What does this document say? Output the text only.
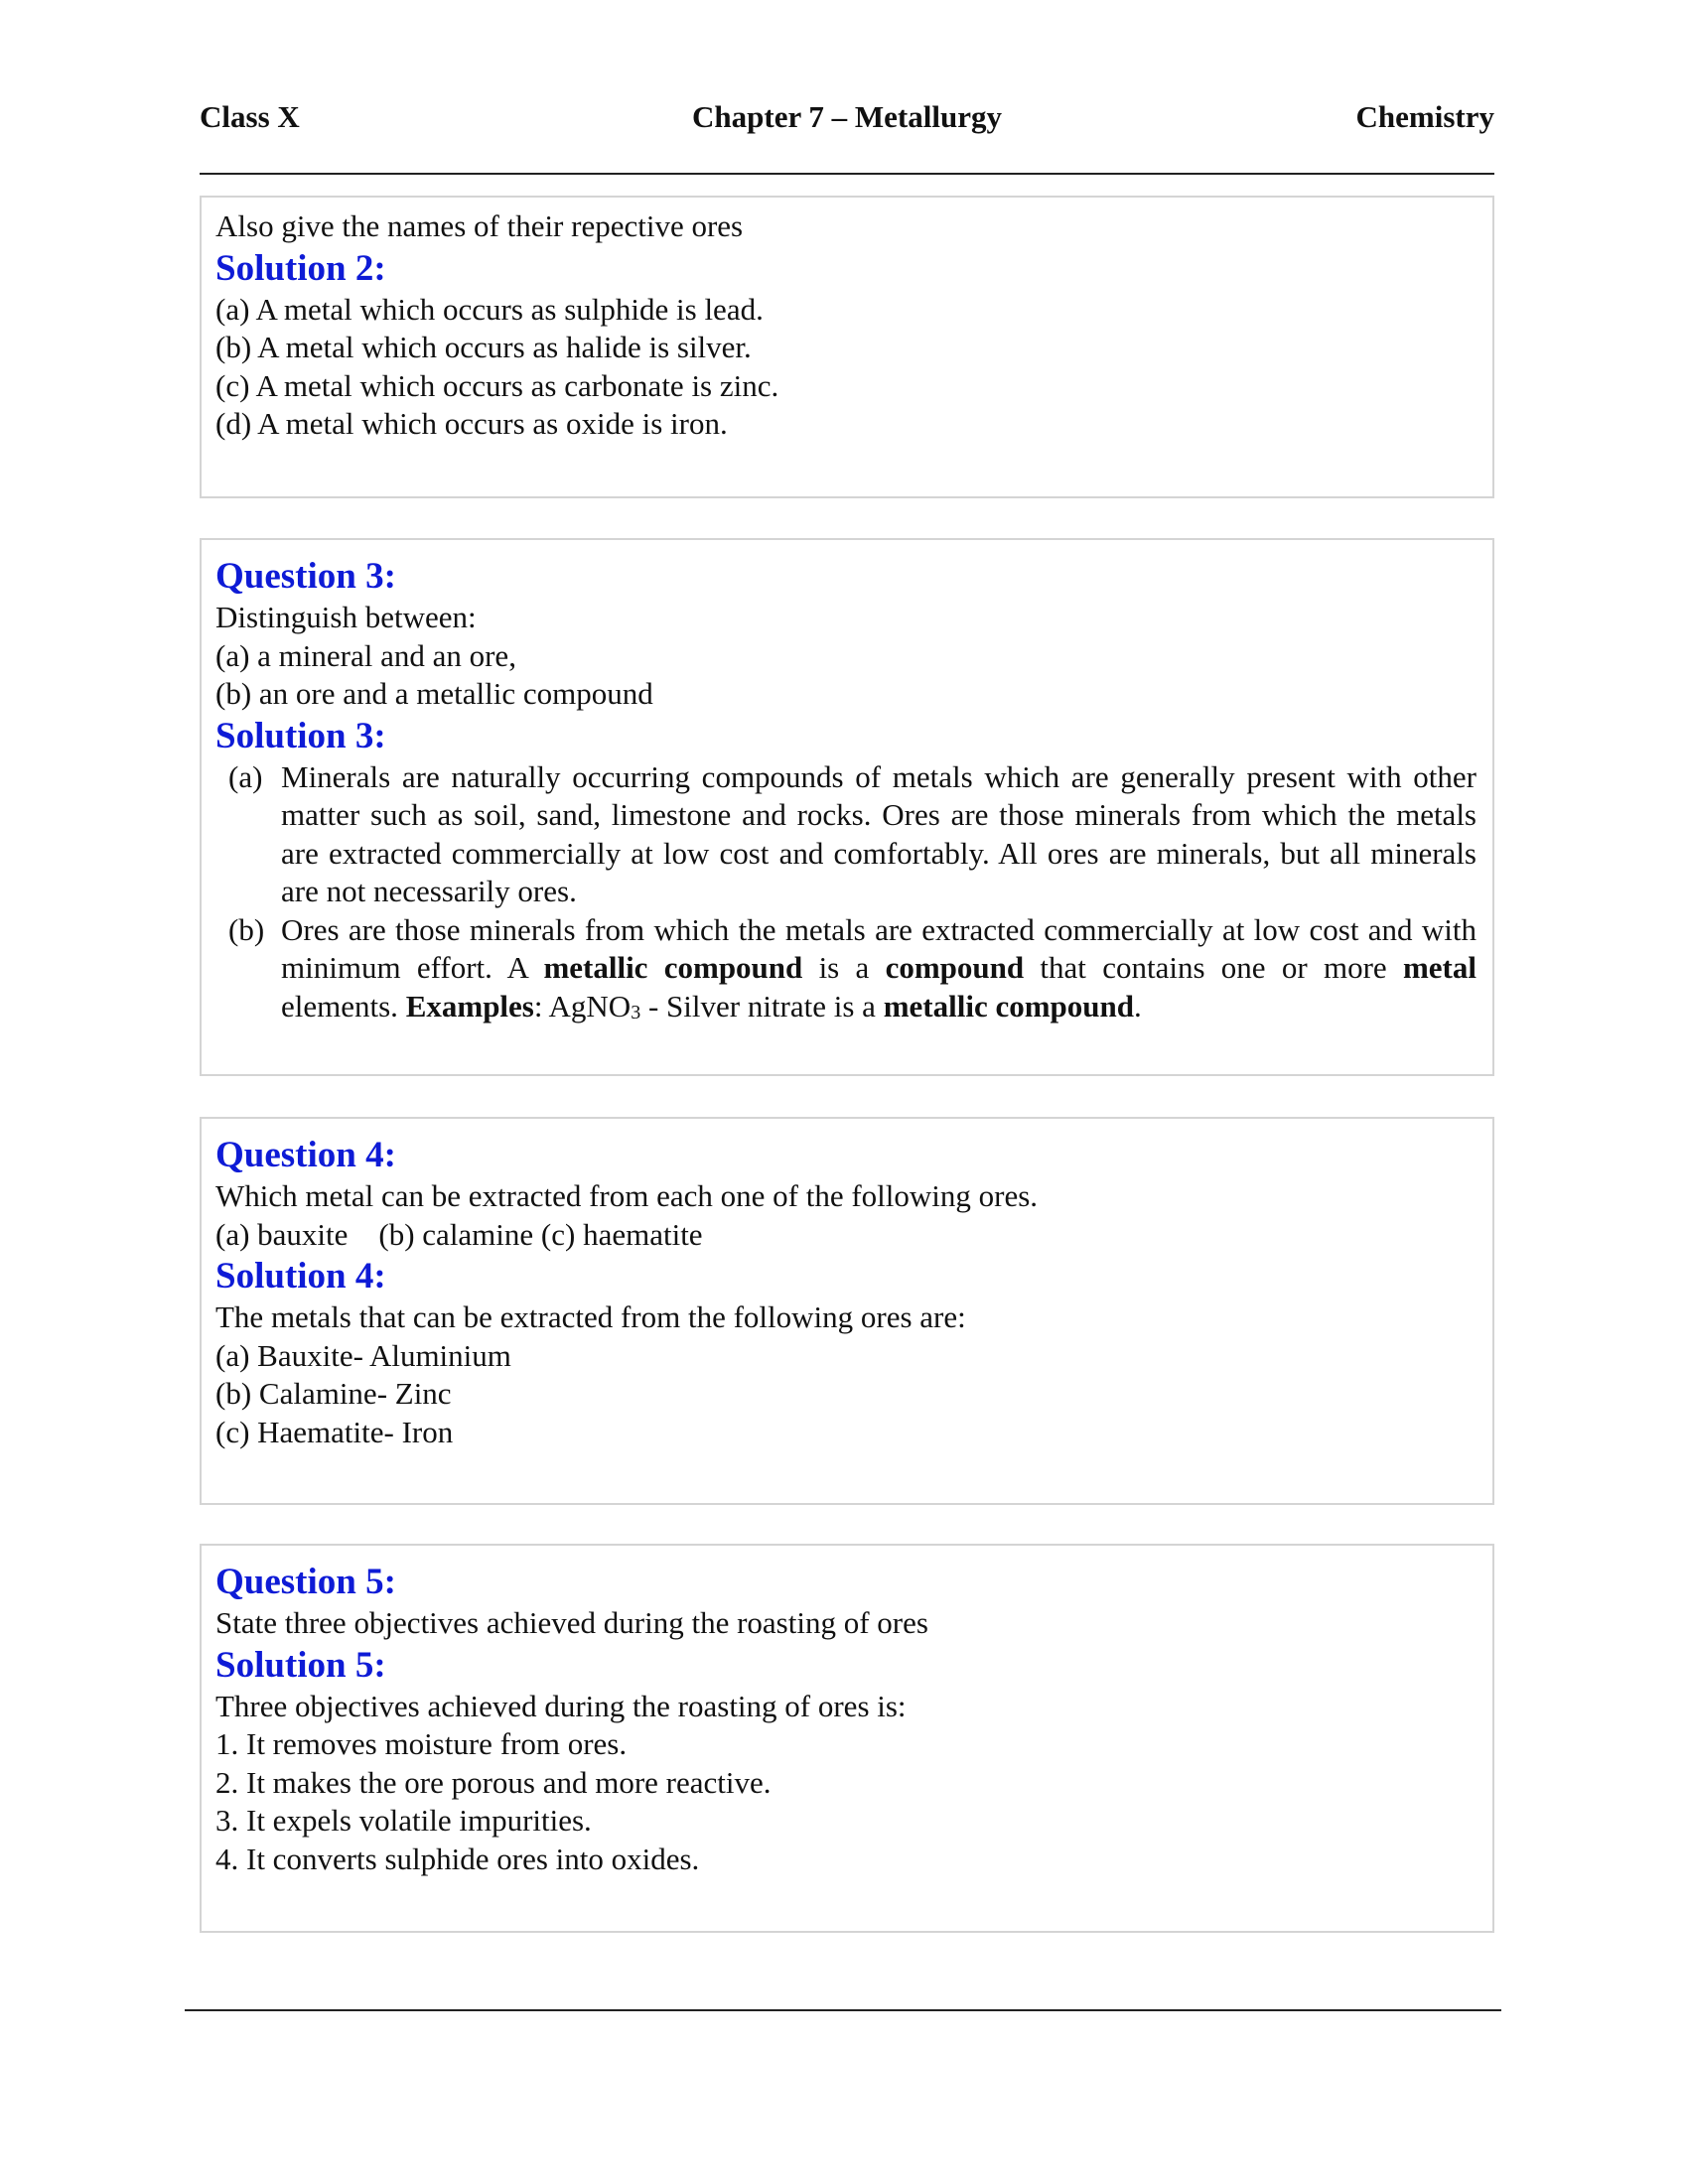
Class X	Chapter 7 – Metallurgy	Chemistry
Also give the names of their repective ores
Solution 2:
(a) A metal which occurs as sulphide is lead.
(b) A metal which occurs as halide is silver.
(c) A metal which occurs as carbonate is zinc.
(d) A metal which occurs as oxide is iron.
Question 3:
Distinguish between:
(a) a mineral and an ore,
(b) an ore and a metallic compound
Solution 3:
(a) Minerals are naturally occurring compounds of metals which are generally present with other matter such as soil, sand, limestone and rocks. Ores are those minerals from which the metals are extracted commercially at low cost and comfortably. All ores are minerals, but all minerals are not necessarily ores.
(b) Ores are those minerals from which the metals are extracted commercially at low cost and with minimum effort. A metallic compound is a compound that contains one or more metal elements. Examples: AgNO$_3$ - Silver nitrate is a metallic compound.
Question 4:
Which metal can be extracted from each one of the following ores.
(a) bauxite    (b) calamine (c) haematite
Solution 4:
The metals that can be extracted from the following ores are:
(a) Bauxite- Aluminium
(b) Calamine- Zinc
(c) Haematite- Iron
Question 5:
State three objectives achieved during the roasting of ores
Solution 5:
Three objectives achieved during the roasting of ores is:
1. It removes moisture from ores.
2. It makes the ore porous and more reactive.
3. It expels volatile impurities.
4. It converts sulphide ores into oxides.
